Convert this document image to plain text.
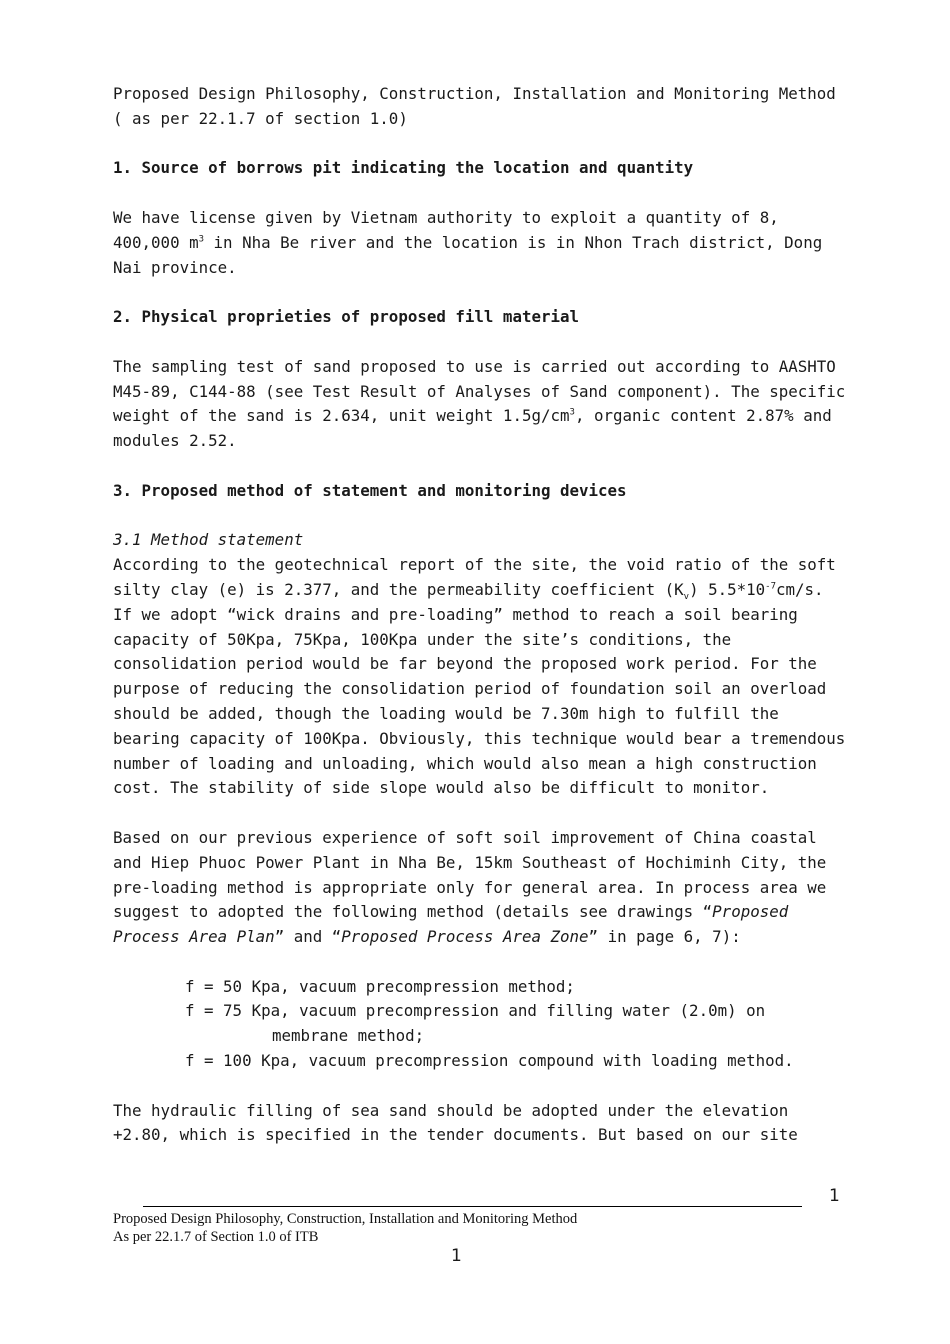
Proposed Design Philosophy, Construction, Installation and Monitoring Method

( as per 22.1.7 of section 1.0)

1. Source of borrows pit indicating the location and quantity

We have license given by Vietnam authority to exploit a quantity of 8, 400,000 $m^3$ in Nha Be river and the location is in Nhon Trach district, Dong Nai province.

2. Physical proprieties of proposed fill material

The sampling test of sand proposed to use is carried out according to AASHTO M45-89, C144-88 (see Test Result of Analyses of Sand component). The specific weight of the sand is 2.634, unit weight $1.5g/cm^3$, organic content 2.87% and modules 2.52.

3. Proposed method of statement and monitoring devices

3.1 Method statement

According to the geotechnical report of the site, the void ratio of the soft silty clay (e) is 2.377, and the permeability coefficient $(K_v)$ $5.5*10^{-7}cm/s$. If we adopt “wick drains and pre-loading” method to reach a soil bearing capacity of 50Kpa, 75Kpa, 100Kpa under the site’s conditions, the consolidation period would be far beyond the proposed work period. For the purpose of reducing the consolidation period of foundation soil an overload should be added, though the loading would be 7.30m high to fulfill the bearing capacity of 100Kpa. Obviously, this technique would bear a tremendous number of loading and unloading, which would also mean a high construction cost. The stability of side slope would also be difficult to monitor.

Based on our previous experience of soft soil improvement of China coastal and Hiep Phuoc Power Plant in Nha Be, 15km Southeast of Hochiminh City, the pre-loading method is appropriate only for general area. In process area we suggest to adopted the following method (details see drawings “Proposed Process Area Plan” and “Proposed Process Area Zone” in page 6, 7):

f = 50 Kpa, vacuum precompression method;

f = 75 Kpa, vacuum precompression and filling water (2.0m) on

membrane method;

f = 100 Kpa, vacuum precompression compound with loading method.

The hydraulic filling of sea sand should be adopted under the elevation +2.80, which is specified in the tender documents. But based on our site

1
Proposed Design Philosophy, Construction, Installation and Monitoring Method
As per 22.1.7 of Section 1.0 of ITB
1
